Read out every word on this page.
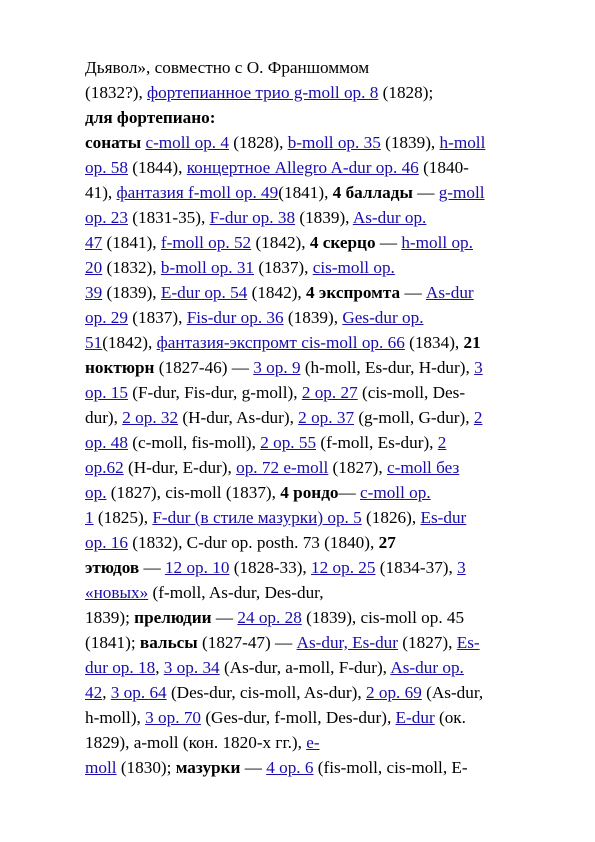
Дьявол», совместно с О. Франшоммом
(1832?), фортепианное трио g-moll op. 8 (1828);
для фортепиано:
сонаты c-moll op. 4 (1828), b-moll op. 35 (1839), h-moll
op. 58 (1844), концертное Allegro A-dur op. 46 (1840-
41), фантазия f-moll op. 49(1841), 4 баллады — g-moll
op. 23 (1831-35), F-dur op. 38 (1839), As-dur op.
47 (1841), f-moll op. 52 (1842), 4 скерцо — h-moll op.
20 (1832), b-moll op. 31 (1837), cis-moll op.
39 (1839), E-dur op. 54 (1842), 4 экспромта — As-dur
op. 29 (1837), Fis-dur op. 36 (1839), Ges-dur op.
51(1842), фантазия-экспромт cis-moll op. 66 (1834), 21
ноктюрн (1827-46) — 3 op. 9 (h-moll, Es-dur, H-dur), 3
op. 15 (F-dur, Fis-dur, g-moll), 2 op. 27 (cis-moll, Des-
dur), 2 op. 32 (H-dur, As-dur), 2 op. 37 (g-moll, G-dur), 2
op. 48 (c-moll, fis-moll), 2 op. 55 (f-moll, Es-dur), 2
op.62 (H-dur, E-dur), op. 72 e-moll (1827), c-moll без
op. (1827), cis-moll (1837), 4 рондо— c-moll op.
1 (1825), F-dur (в стиле мазурки) op. 5 (1826), Es-dur
op. 16 (1832), C-dur op. posth. 73 (1840), 27
этюдов — 12 op. 10 (1828-33), 12 op. 25 (1834-37), 3
«новых» (f-moll, As-dur, Des-dur,
1839); прелюдии — 24 op. 28 (1839), cis-moll op. 45
(1841); вальсы (1827-47) — As-dur, Es-dur (1827), Es-
dur op. 18, 3 op. 34 (As-dur, a-moll, F-dur), As-dur op.
42, 3 op. 64 (Des-dur, cis-moll, As-dur), 2 op. 69 (As-dur,
h-moll), 3 op. 70 (Ges-dur, f-moll, Des-dur), E-dur (ок.
1829), a-moll (кон. 1820-х гг.), e-
moll (1830); мазурки — 4 op. 6 (fis-moll, cis-moll, E-
